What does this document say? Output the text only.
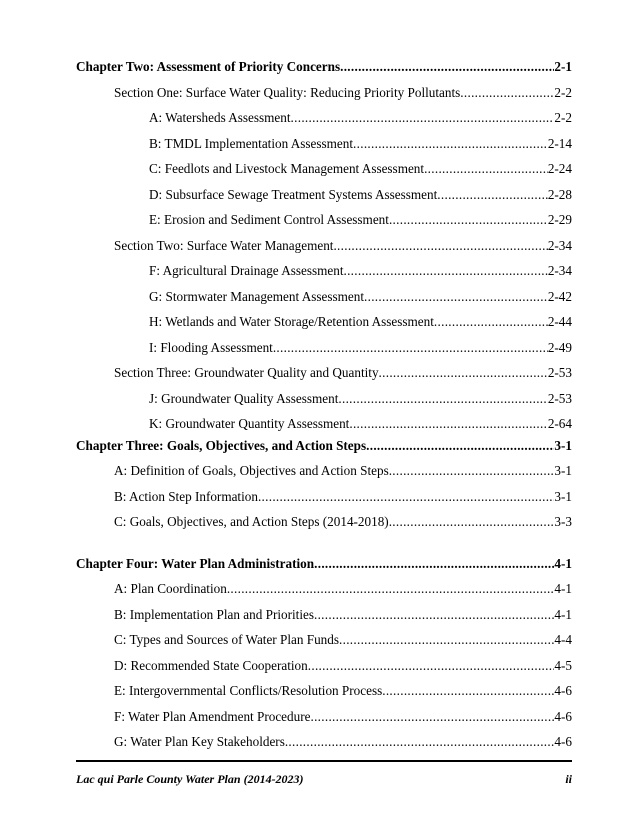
Chapter Two: Assessment of Priority Concerns .....	2-1
Section One: Surface Water Quality: Reducing Priority Pollutants .....	2-2
A: Watersheds Assessment .....	2-2
B: TMDL Implementation Assessment .....	2-14
C: Feedlots and Livestock Management Assessment .....	2-24
D: Subsurface Sewage Treatment Systems Assessment .....	2-28
E: Erosion and Sediment Control Assessment .....	2-29
Section Two: Surface Water Management .....	2-34
F: Agricultural Drainage Assessment .....	2-34
G: Stormwater Management Assessment .....	2-42
H: Wetlands and Water Storage/Retention Assessment .....	2-44
I: Flooding Assessment .....	2-49
Section Three: Groundwater Quality and Quantity .....	2-53
J: Groundwater Quality Assessment .....	2-53
K: Groundwater Quantity Assessment .....	2-64
Chapter Three: Goals, Objectives, and Action Steps .....	3-1
A: Definition of Goals, Objectives and Action Steps .....	3-1
B: Action Step Information .....	3-1
C: Goals, Objectives, and Action Steps (2014-2018) .....	3-3
Chapter Four: Water Plan Administration .....	4-1
A: Plan Coordination .....	4-1
B: Implementation Plan and Priorities .....	4-1
C: Types and Sources of Water Plan Funds .....	4-4
D: Recommended State Cooperation .....	4-5
E: Intergovernmental Conflicts/Resolution Process .....	4-6
F: Water Plan Amendment Procedure .....	4-6
G: Water Plan Key Stakeholders .....	4-6
Lac qui Parle County Water Plan (2014-2023)	ii
